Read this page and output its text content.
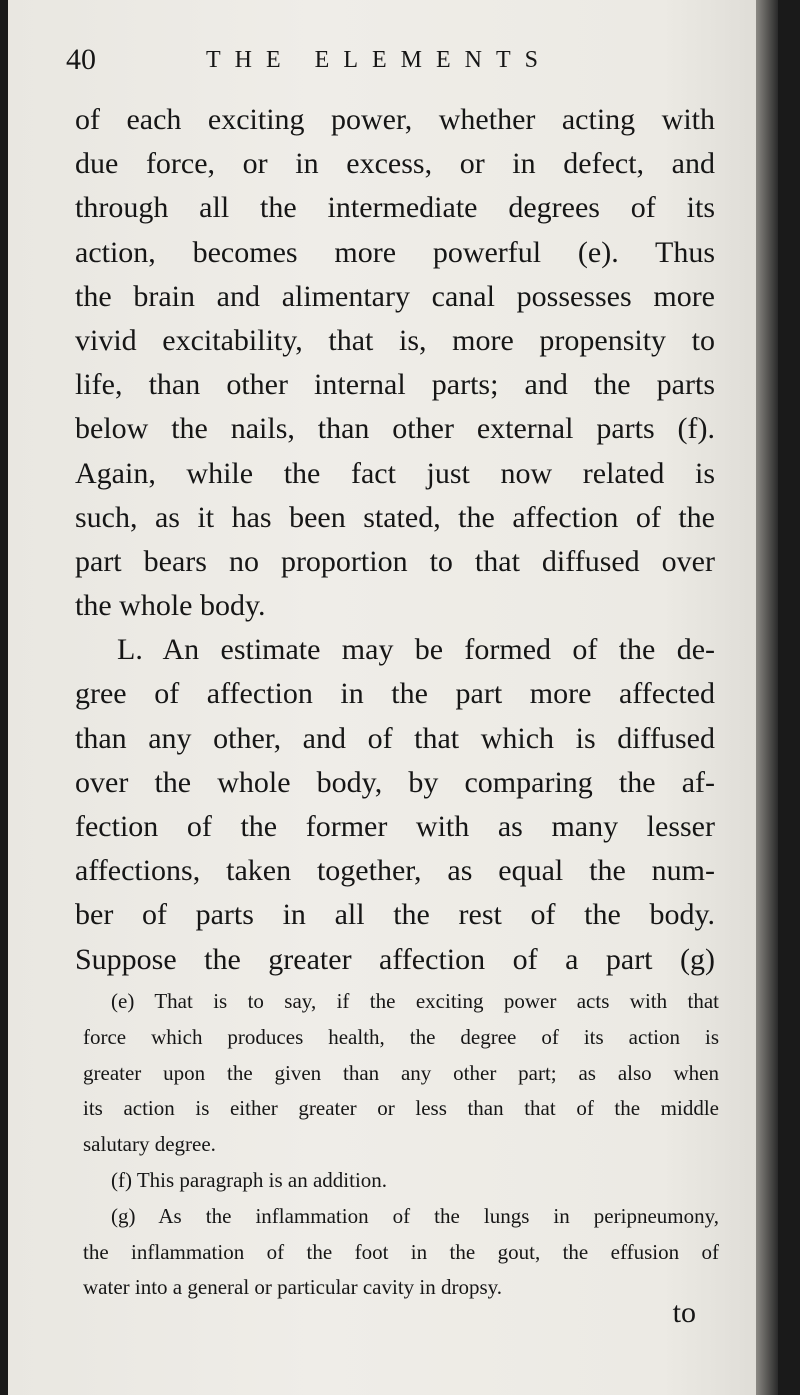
40	THE ELEMENTS
of each exciting power, whether acting with
due force, or in excess, or in defect, and
through all the intermediate degrees of its
action, becomes more powerful (e). Thus
the brain and alimentary canal possesses more
vivid excitability, that is, more propensity to
life, than other internal parts; and the parts
below the nails, than other external parts (f).
Again, while the fact just now related is
such, as it has been stated, the affection of the
part bears no proportion to that diffused over
the whole body.
L. An estimate may be formed of the de-
gree of affection in the part more affected
than any other, and of that which is diffused
over the whole body, by comparing the af-
fection of the former with as many lesser
affections, taken together, as equal the num-
ber of parts in all the rest of the body.
Suppose the greater affection of a part (g)
(e) That is to say, if the exciting power acts with that
force which produces health, the degree of its action is
greater upon the given than any other part; as also when
its action is either greater or less than that of the middle
salutary degree.
(f) This paragraph is an addition.
(g) As the inflammation of the lungs in peripneumony,
the inflammation of the foot in the gout, the effusion of
water into a general or particular cavity in dropsy.
to
